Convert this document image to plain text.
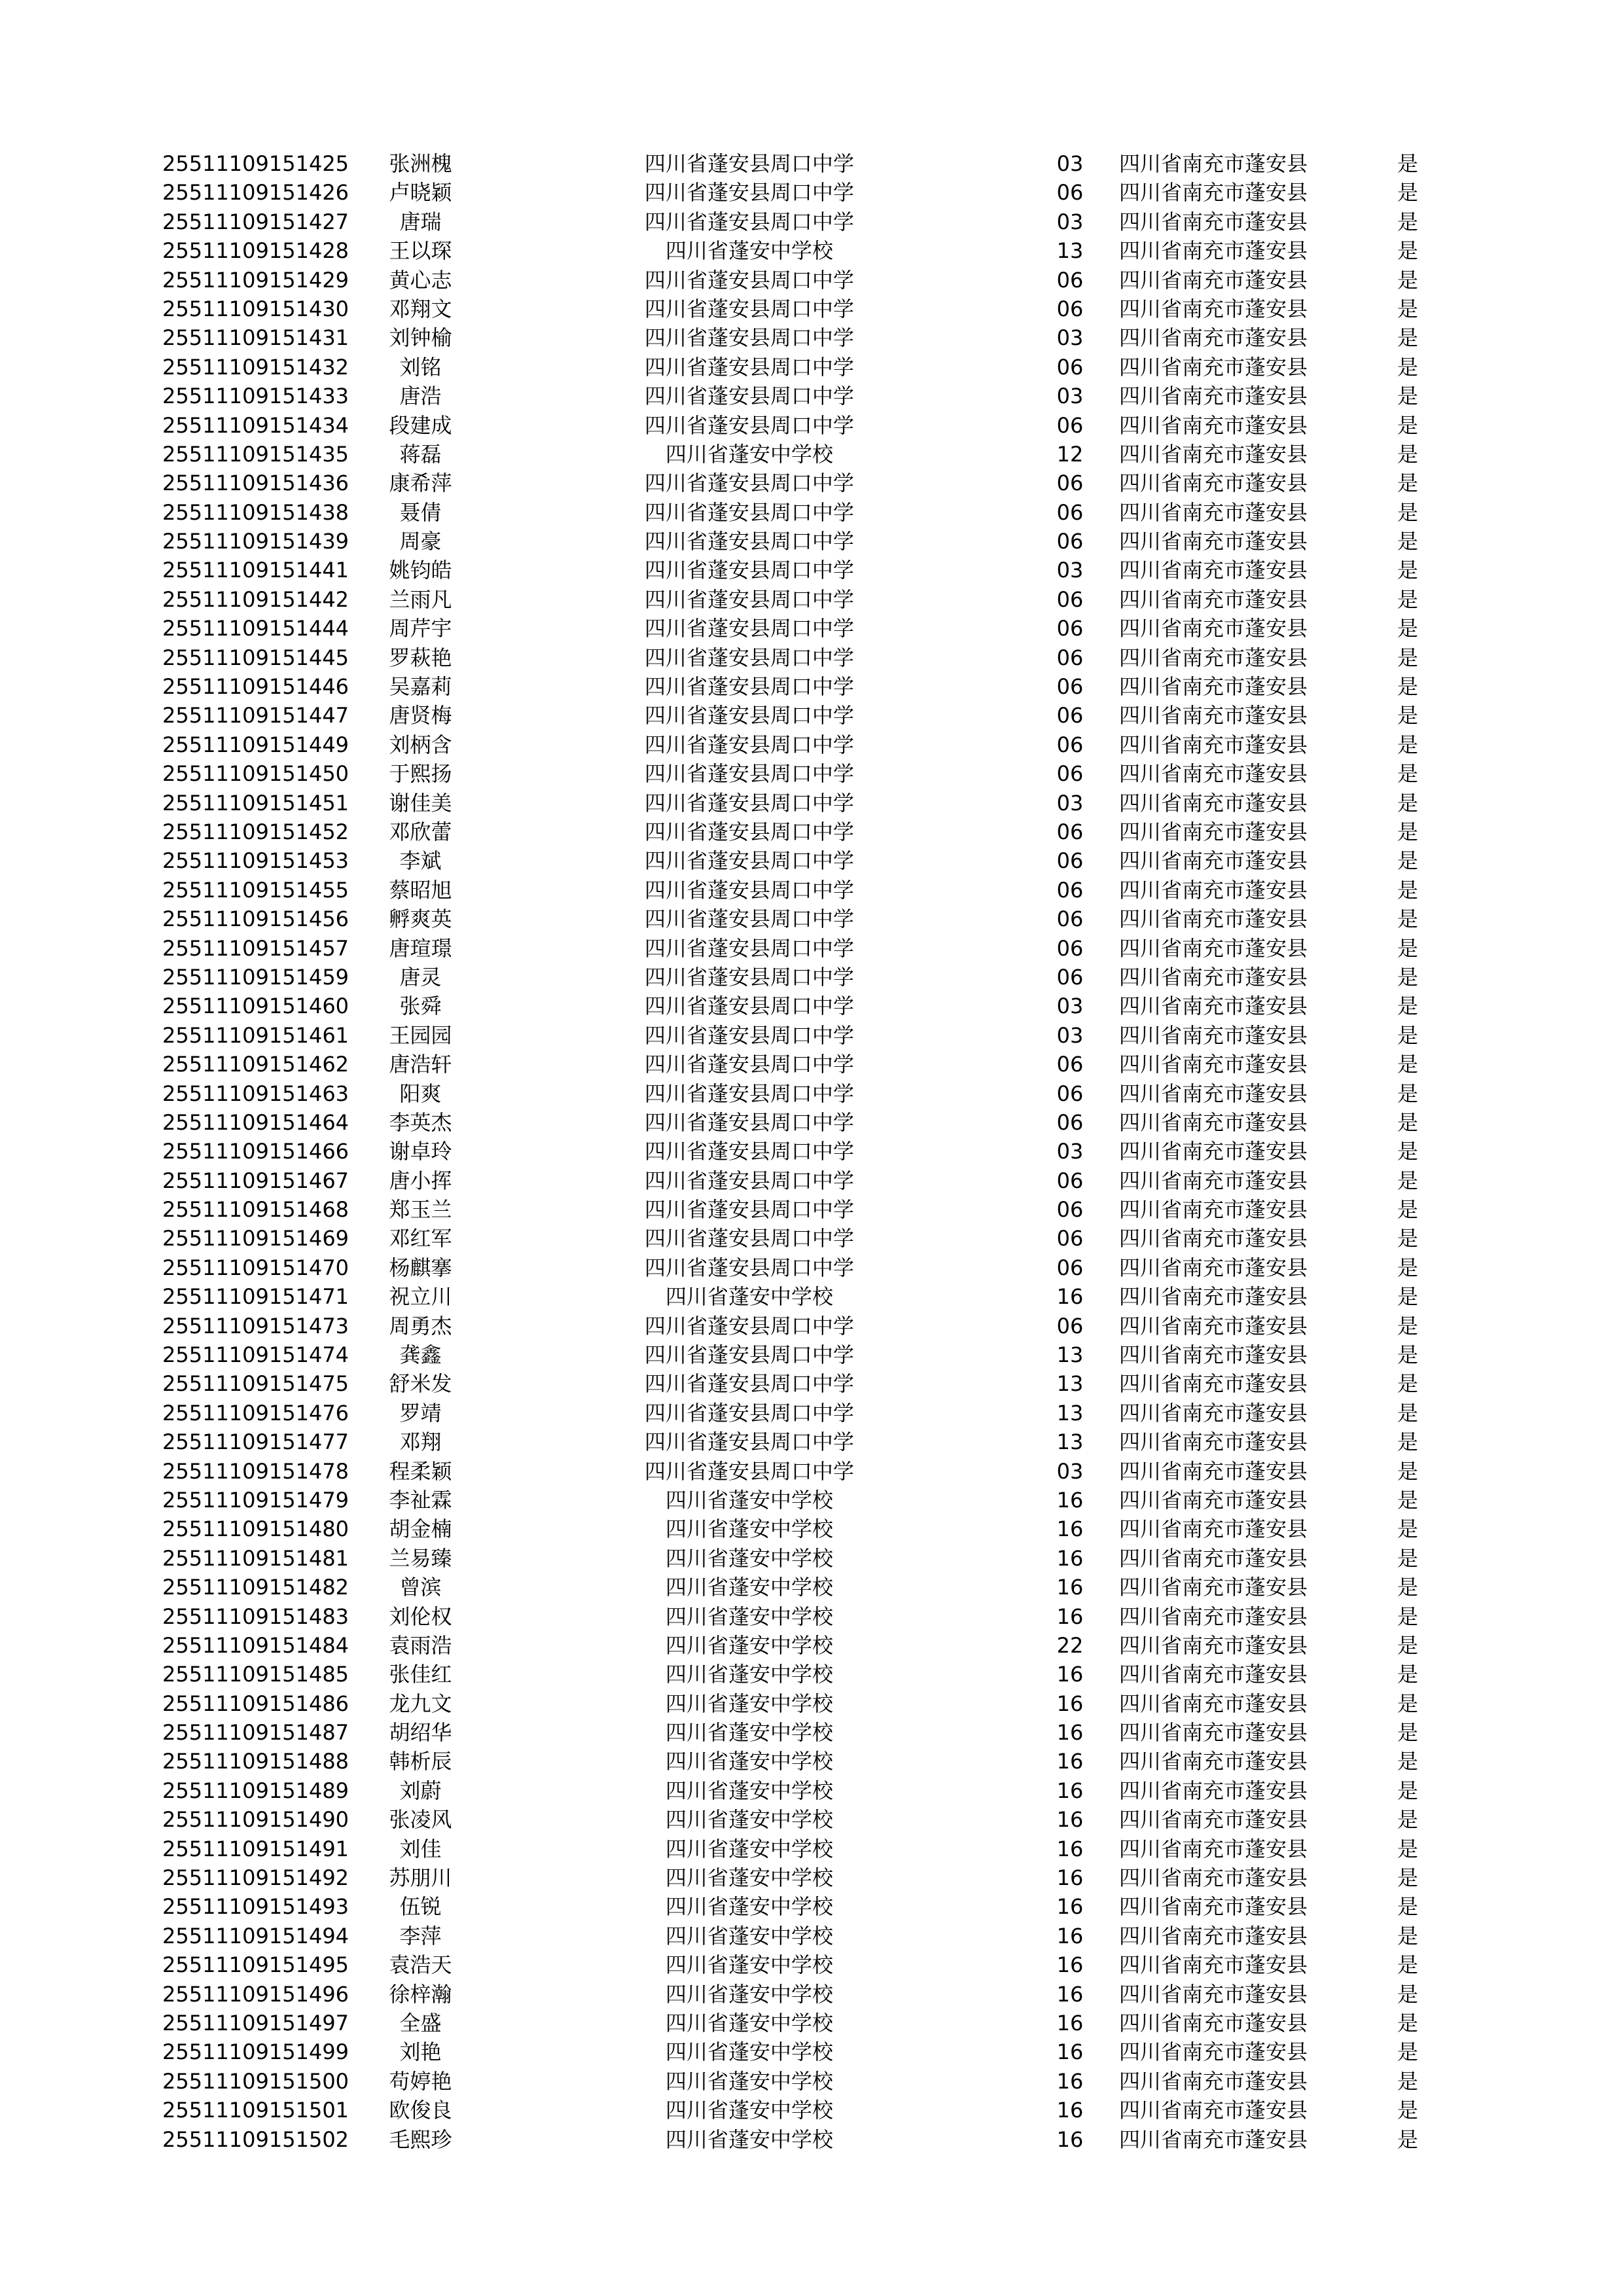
25511109151425	张洲槐	四川省蓬安县周口中学	03 四川省南充市蓬安县	是
25511109151426	卢晓颖	四川省蓬安县周口中学	06 四川省南充市蓬安县	是
25511109151427	唐瑞	四川省蓬安县周口中学	03 四川省南充市蓬安县	是
25511109151428	王以琛	四川省蓬安中学校	13 四川省南充市蓬安县	是
25511109151429	黄心志	四川省蓬安县周口中学	06 四川省南充市蓬安县	是
25511109151430	邓翔文	四川省蓬安县周口中学	06 四川省南充市蓬安县	是
25511109151431	刘钟榆	四川省蓬安县周口中学	03 四川省南充市蓬安县	是
25511109151432	刘铭	四川省蓬安县周口中学	06 四川省南充市蓬安县	是
25511109151433	唐浩	四川省蓬安县周口中学	03 四川省南充市蓬安县	是
25511109151434	段建成	四川省蓬安县周口中学	06 四川省南充市蓬安县	是
25511109151435	蒋磊	四川省蓬安中学校	12 四川省南充市蓬安县	是
25511109151436	康希萍	四川省蓬安县周口中学	06 四川省南充市蓬安县	是
25511109151438	聂倩	四川省蓬安县周口中学	06 四川省南充市蓬安县	是
25511109151439	周豪	四川省蓬安县周口中学	06 四川省南充市蓬安县	是
25511109151441	姚钧皓	四川省蓬安县周口中学	03 四川省南充市蓬安县	是
25511109151442	兰雨凡	四川省蓬安县周口中学	06 四川省南充市蓬安县	是
25511109151444	周芹宇	四川省蓬安县周口中学	06 四川省南充市蓬安县	是
25511109151445	罗萩艳	四川省蓬安县周口中学	06 四川省南充市蓬安县	是
25511109151446	吴嘉莉	四川省蓬安县周口中学	06 四川省南充市蓬安县	是
25511109151447	唐贤梅	四川省蓬安县周口中学	06 四川省南充市蓬安县	是
25511109151449	刘柄含	四川省蓬安县周口中学	06 四川省南充市蓬安县	是
25511109151450	于熙扬	四川省蓬安县周口中学	06 四川省南充市蓬安县	是
25511109151451	谢佳美	四川省蓬安县周口中学	03 四川省南充市蓬安县	是
25511109151452	邓欣蕾	四川省蓬安县周口中学	06 四川省南充市蓬安县	是
25511109151453	李斌	四川省蓬安县周口中学	06 四川省南充市蓬安县	是
25511109151455	蔡昭旭	四川省蓬安县周口中学	06 四川省南充市蓬安县	是
25511109151456	孵爽英	四川省蓬安县周口中学	06 四川省南充市蓬安县	是
25511109151457	唐瑄璟	四川省蓬安县周口中学	06 四川省南充市蓬安县	是
25511109151459	唐灵	四川省蓬安县周口中学	06 四川省南充市蓬安县	是
25511109151460	张舜	四川省蓬安县周口中学	03 四川省南充市蓬安县	是
25511109151461	王园园	四川省蓬安县周口中学	03 四川省南充市蓬安县	是
25511109151462	唐浩轩	四川省蓬安县周口中学	06 四川省南充市蓬安县	是
25511109151463	阳爽	四川省蓬安县周口中学	06 四川省南充市蓬安县	是
25511109151464	李英杰	四川省蓬安县周口中学	06 四川省南充市蓬安县	是
25511109151466	谢卓玲	四川省蓬安县周口中学	03 四川省南充市蓬安县	是
25511109151467	唐小挥	四川省蓬安县周口中学	06 四川省南充市蓬安县	是
25511109151468	郑玉兰	四川省蓬安县周口中学	06 四川省南充市蓬安县	是
25511109151469	邓红军	四川省蓬安县周口中学	06 四川省南充市蓬安县	是
25511109151470	杨麒搴	四川省蓬安县周口中学	06 四川省南充市蓬安县	是
25511109151471	祝立川	四川省蓬安中学校	16 四川省南充市蓬安县	是
25511109151473	周勇杰	四川省蓬安县周口中学	06 四川省南充市蓬安县	是
25511109151474	龚鑫	四川省蓬安县周口中学	13 四川省南充市蓬安县	是
25511109151475	舒米发	四川省蓬安县周口中学	13 四川省南充市蓬安县	是
25511109151476	罗靖	四川省蓬安县周口中学	13 四川省南充市蓬安县	是
25511109151477	邓翔	四川省蓬安县周口中学	13 四川省南充市蓬安县	是
25511109151478	程柔颖	四川省蓬安县周口中学	03 四川省南充市蓬安县	是
25511109151479	李祉霖	四川省蓬安中学校	16 四川省南充市蓬安县	是
25511109151480	胡金楠	四川省蓬安中学校	16 四川省南充市蓬安县	是
25511109151481	兰易臻	四川省蓬安中学校	16 四川省南充市蓬安县	是
25511109151482	曾滨	四川省蓬安中学校	16 四川省南充市蓬安县	是
25511109151483	刘伦权	四川省蓬安中学校	16 四川省南充市蓬安县	是
25511109151484	袁雨浩	四川省蓬安中学校	22 四川省南充市蓬安县	是
25511109151485	张佳红	四川省蓬安中学校	16 四川省南充市蓬安县	是
25511109151486	龙九文	四川省蓬安中学校	16 四川省南充市蓬安县	是
25511109151487	胡绍华	四川省蓬安中学校	16 四川省南充市蓬安县	是
25511109151488	韩析辰	四川省蓬安中学校	16 四川省南充市蓬安县	是
25511109151489	刘蔚	四川省蓬安中学校	16 四川省南充市蓬安县	是
25511109151490	张凌风	四川省蓬安中学校	16 四川省南充市蓬安县	是
25511109151491	刘佳	四川省蓬安中学校	16 四川省南充市蓬安县	是
25511109151492	苏朋川	四川省蓬安中学校	16 四川省南充市蓬安县	是
25511109151493	伍锐	四川省蓬安中学校	16 四川省南充市蓬安县	是
25511109151494	李萍	四川省蓬安中学校	16 四川省南充市蓬安县	是
25511109151495	袁浩天	四川省蓬安中学校	16 四川省南充市蓬安县	是
25511109151496	徐梓瀚	四川省蓬安中学校	16 四川省南充市蓬安县	是
25511109151497	全盛	四川省蓬安中学校	16 四川省南充市蓬安县	是
25511109151499	刘艳	四川省蓬安中学校	16 四川省南充市蓬安县	是
25511109151500	苟婷艳	四川省蓬安中学校	16 四川省南充市蓬安县	是
25511109151501	欧俊良	四川省蓬安中学校	16 四川省南充市蓬安县	是
25511109151502	毛熙珍	四川省蓬安中学校	16 四川省南充市蓬安县	是
